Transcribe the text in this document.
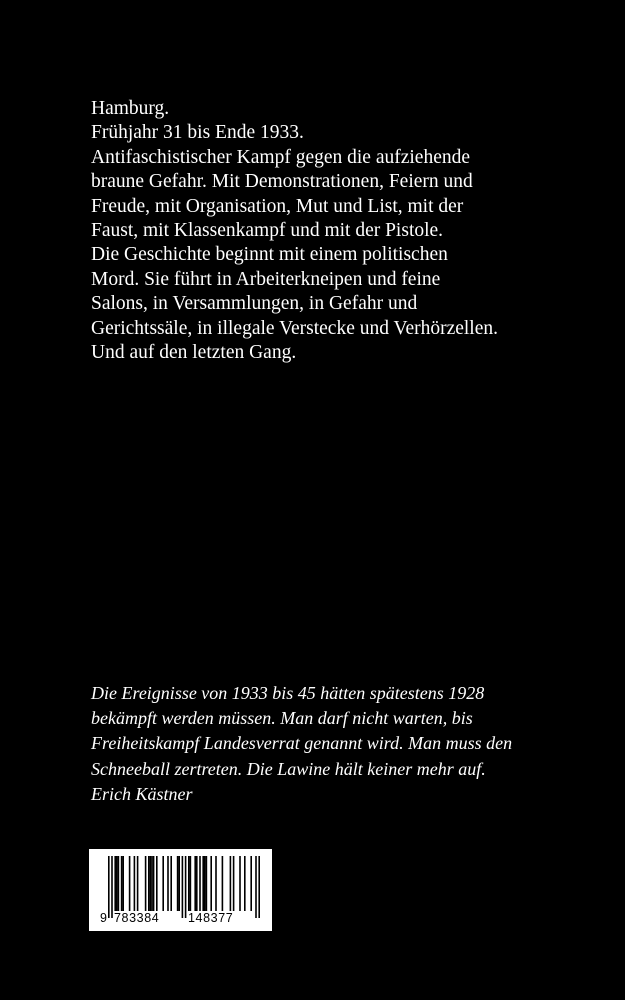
Hamburg.
Frühjahr 31 bis Ende 1933.
Antifaschistischer Kampf gegen die aufziehende
braune Gefahr. Mit Demonstrationen, Feiern und
Freude, mit Organisation, Mut und List, mit der
Faust, mit Klassenkampf und mit der Pistole.
Die Geschichte beginnt mit einem politischen
Mord. Sie führt in Arbeiterkneipen und feine
Salons, in Versammlungen, in Gefahr und
Gerichtssäle, in illegale Verstecke und Verhörzellen.
Und auf den letzten Gang.
Die Ereignisse von 1933 bis 45 hätten spätestens 1928
bekämpft werden müssen. Man darf nicht warten, bis
Freiheitskampf Landesverrat genannt wird. Man muss den
Schneeball zertreten. Die Lawine hält keiner mehr auf.
Erich Kästner
9 783384 148377
